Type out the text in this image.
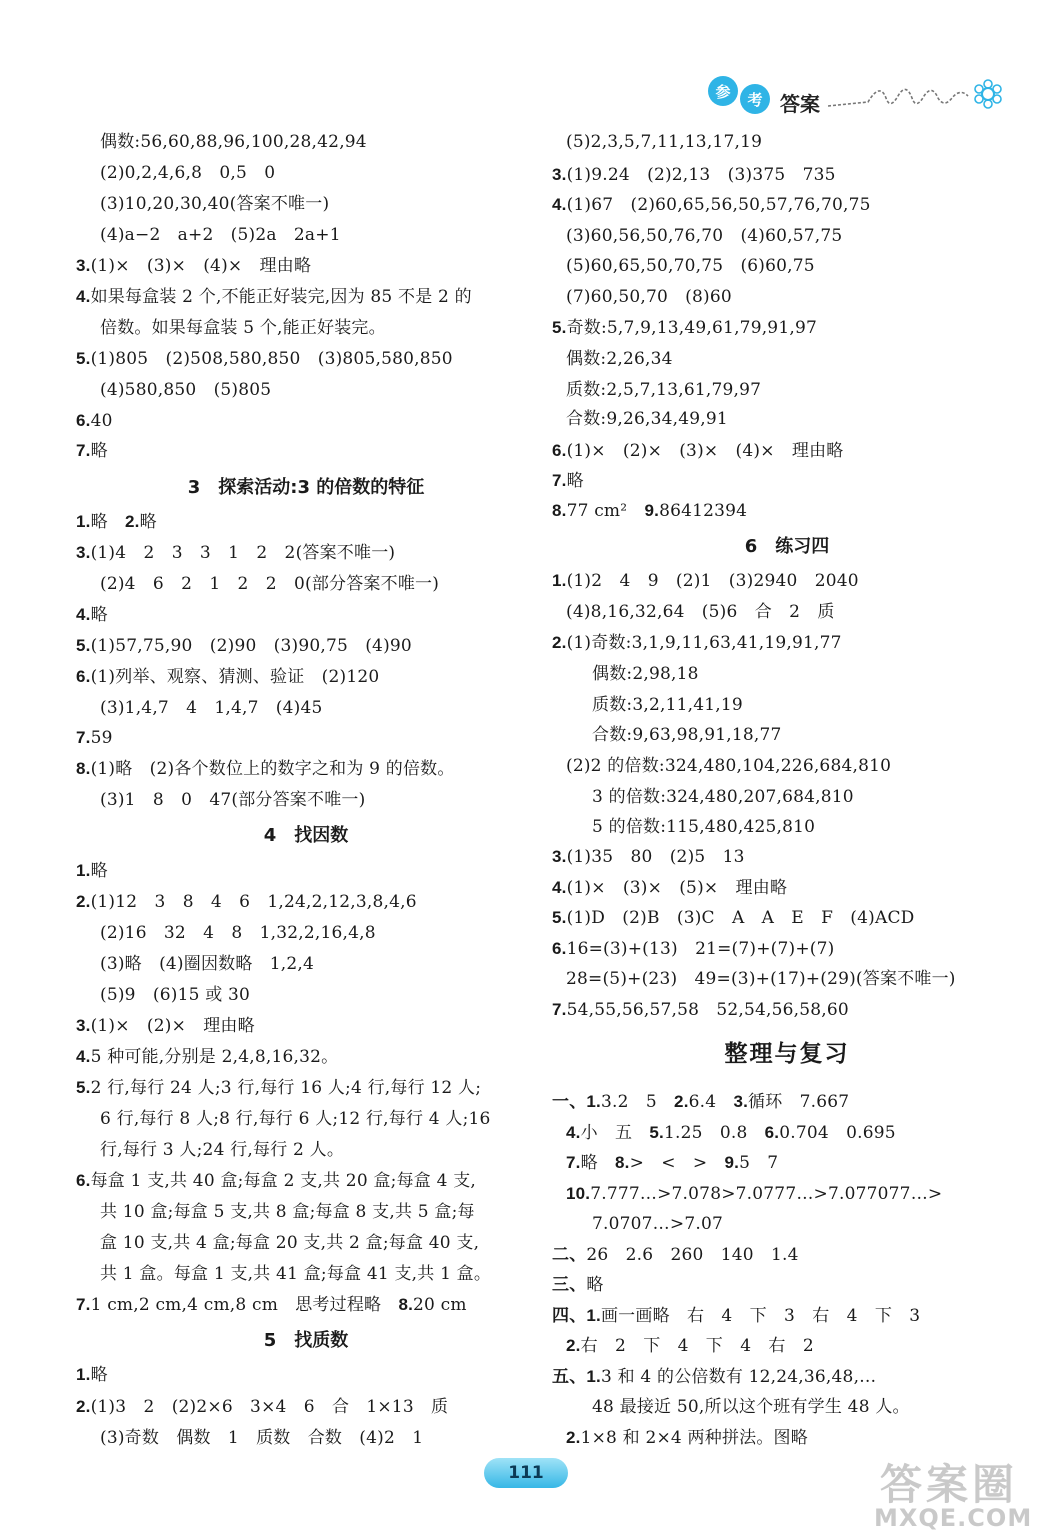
参	考 答案
偶数:56,60,88,96,100,28,42,94
(2)0,2,4,6,8　0,5　0
(3)10,20,30,40(答案不唯一)
(4)a−2　a+2　(5)2a　2a+1
3.(1)×　(3)×　(4)×　理由略
4.如果每盒装 2 个,不能正好装完,因为 85 不是 2 的
倍数。如果每盒装 5 个,能正好装完。
5.(1)805　(2)508,580,850　(3)805,580,850
(4)580,850　(5)805
6.40
7.略
3　探索活动:3 的倍数的特征
1.略　2.略
3.(1)4　2　3　3　1　2　2(答案不唯一)
(2)4　6　2　1　2　2　0(部分答案不唯一)
4.略
5.(1)57,75,90　(2)90　(3)90,75　(4)90
6.(1)列举、观察、猜测、验证　(2)120
(3)1,4,7　4　1,4,7　(4)45
7.59
8.(1)略　(2)各个数位上的数字之和为 9 的倍数。
(3)1　8　0　47(部分答案不唯一)
4　找因数
1.略
2.(1)12　3　8　4　6　1,24,2,12,3,8,4,6
(2)16　32　4　8　1,32,2,16,4,8
(3)略　(4)圈因数略　1,2,4
(5)9　(6)15 或 30
3.(1)×　(2)×　理由略
4.5 种可能,分别是 2,4,8,16,32。
5.2 行,每行 24 人;3 行,每行 16 人;4 行,每行 12 人;
6 行,每行 8 人;8 行,每行 6 人;12 行,每行 4 人;16
行,每行 3 人;24 行,每行 2 人。
6.每盒 1 支,共 40 盒;每盒 2 支,共 20 盒;每盒 4 支,
共 10 盒;每盒 5 支,共 8 盒;每盒 8 支,共 5 盒;每
盒 10 支,共 4 盒;每盒 20 支,共 2 盒;每盒 40 支,
共 1 盒。每盒 1 支,共 41 盒;每盒 41 支,共 1 盒。
7.1 cm,2 cm,4 cm,8 cm　思考过程略　8.20 cm
5　找质数
1.略
2.(1)3　2　(2)2×6　3×4　6　合　1×13　质
(3)奇数　偶数　1　质数　合数　(4)2　1
(5)2,3,5,7,11,13,17,19
3.(1)9.24　(2)2,13　(3)375　735
4.(1)67　(2)60,65,56,50,57,76,70,75
(3)60,56,50,76,70　(4)60,57,75
(5)60,65,50,70,75　(6)60,75
(7)60,50,70　(8)60
5.奇数:5,7,9,13,49,61,79,91,97
偶数:2,26,34
质数:2,5,7,13,61,79,97
合数:9,26,34,49,91
6.(1)×　(2)×　(3)×　(4)×　理由略
7.略
8.77 cm²　9.86412394
6　练习四
1.(1)2　4　9　(2)1　(3)2940　2040
(4)8,16,32,64　(5)6　合　2　质
2.(1)奇数:3,1,9,11,63,41,19,91,77
偶数:2,98,18
质数:3,2,11,41,19
合数:9,63,98,91,18,77
(2)2 的倍数:324,480,104,226,684,810
3 的倍数:324,480,207,684,810
5 的倍数:115,480,425,810
3.(1)35　80　(2)5　13
4.(1)×　(3)×　(5)×　理由略
5.(1)D　(2)B　(3)C　A　A　E　F　(4)ACD
6.16=(3)+(13)　21=(7)+(7)+(7)
28=(5)+(23)　49=(3)+(17)+(29)(答案不唯一)
7.54,55,56,57,58　52,54,56,58,60
整理与复习
一、1.3.2　5　2.6.4　3.循环　7.667
4.小　五　5.1.25　0.8　6.0.704　0.695
7.略　8.>　<　>　9.5　7
10.7.777…>7.078>7.0777…>7.077077…>
7.0707…>7.07
二、26　2.6　260　140　1.4
三、略
四、1.画一画略　右　4　下　3　右　4　下　3
2.右　2　下　4　下　4　右　2
五、1.3 和 4 的公倍数有 12,24,36,48,…
48 最接近 50,所以这个班有学生 48 人。
2.1×8 和 2×4 两种拼法。图略
111	答案圈
MXQE.COM
